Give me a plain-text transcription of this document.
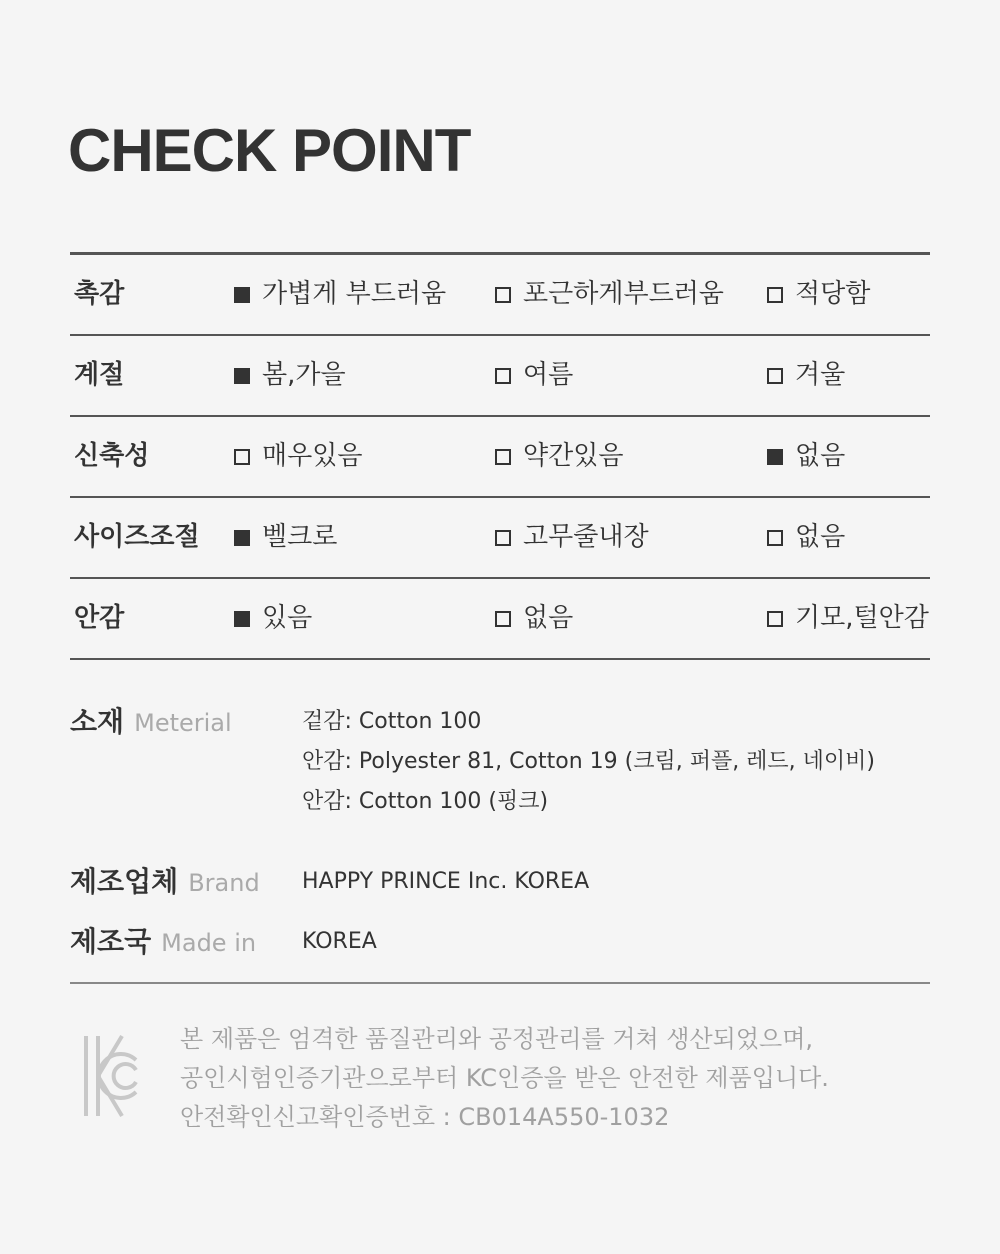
CHECK POINT
촉감	가볍게 부드러움	포근하게부드러움	적당함
계절	봄,가을	여름	겨울
신축성	매우있음	약간있음	없음
사이즈조절 벨크로	고무줄내장	없음
안감	있음	없음	기모,털안감
소재 Meterial	겉감: Cotton 100
안감: Polyester 81, Cotton 19 (크림, 퍼플, 레드, 네이비)
안감: Cotton 100 (핑크)
제조업체 Brand HAPPY PRINCE Inc. KOREA
제조국 Made in KOREA
본 제품은 엄격한 품질관리와 공정관리를 거쳐 생산되었으며,
공인시험인증기관으로부터 KC인증을 받은 안전한 제품입니다.
안전확인신고확인증번호 : CB014A550-1032
